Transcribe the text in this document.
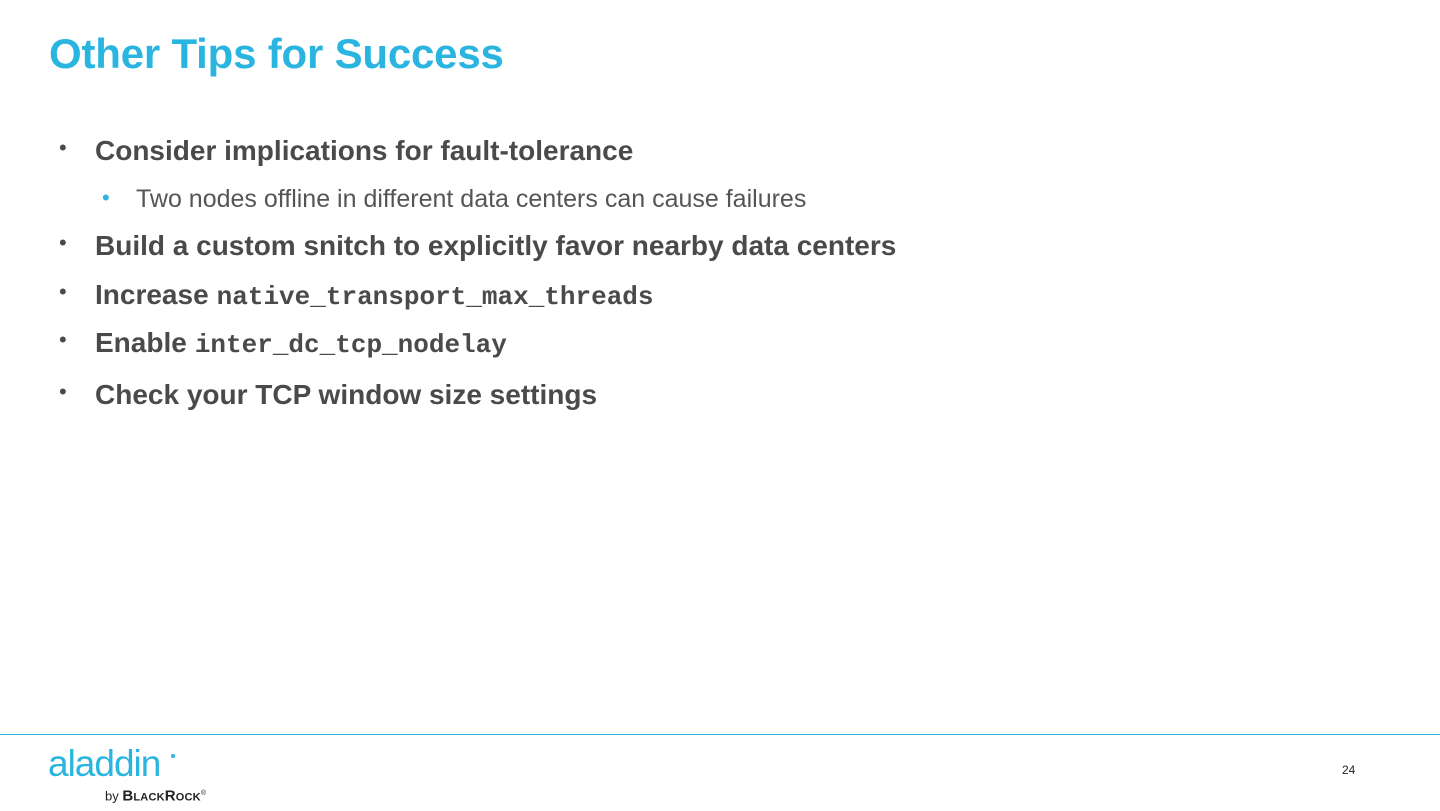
Other Tips for Success
• Consider implications for fault-tolerance
• Two nodes offline in different data centers can cause failures
• Build a custom snitch to explicitly favor nearby data centers
• Increase native_transport_max_threads
• Enable inter_dc_tcp_nodelay
• Check your TCP window size settings
aladdin
by BlackRock®
24
